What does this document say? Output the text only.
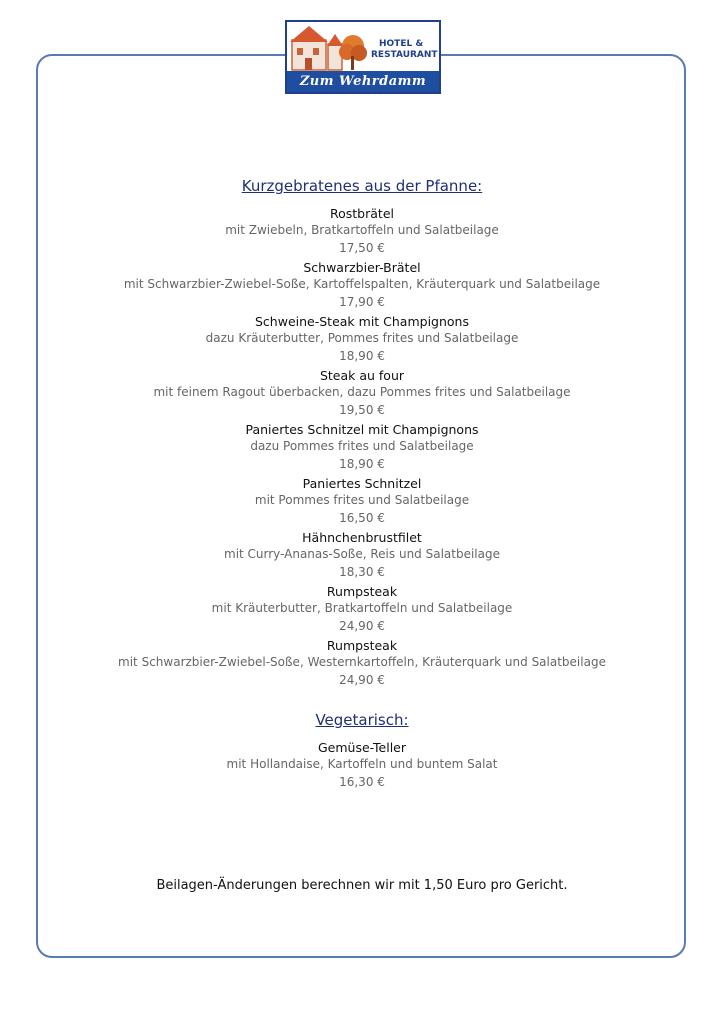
HOTEL &
RESTAURANT
Zum Wehrdamm
Kurzgebratenes aus der Pfanne:
Rostbrätel
mit Zwiebeln, Bratkartoffeln und Salatbeilage
17,50 €
Schwarzbier-Brätel
mit Schwarzbier-Zwiebel-Soße, Kartoffelspalten, Kräuterquark und Salatbeilage
17,90 €
Schweine-Steak mit Champignons
dazu Kräuterbutter, Pommes frites und Salatbeilage
18,90 €
Steak au four
mit feinem Ragout überbacken, dazu Pommes frites und Salatbeilage
19,50 €
Paniertes Schnitzel mit Champignons
dazu Pommes frites und Salatbeilage
18,90 €
Paniertes Schnitzel
mit Pommes frites und Salatbeilage
16,50 €
Hähnchenbrustfilet
mit Curry-Ananas-Soße, Reis und Salatbeilage
18,30 €
Rumpsteak
mit Kräuterbutter, Bratkartoffeln und Salatbeilage
24,90 €
Rumpsteak
mit Schwarzbier-Zwiebel-Soße, Westernkartoffeln, Kräuterquark und Salatbeilage
24,90 €
Vegetarisch:
Gemüse-Teller
mit Hollandaise, Kartoffeln und buntem Salat
16,30 €
Beilagen-Änderungen berechnen wir mit 1,50 Euro pro Gericht.
